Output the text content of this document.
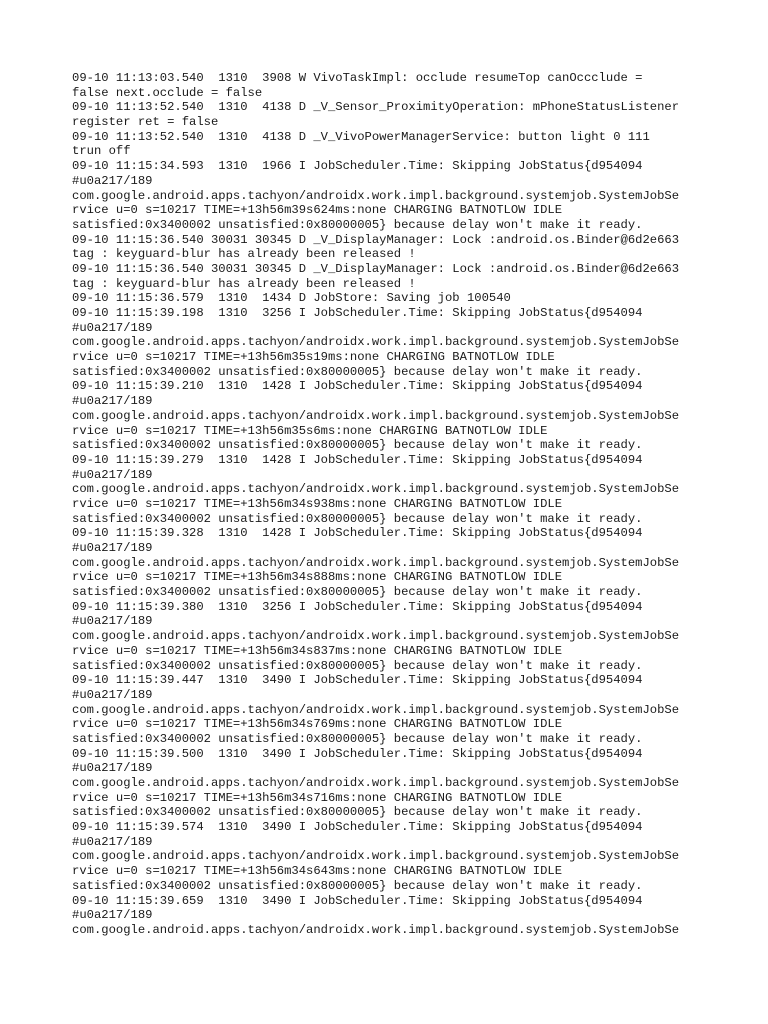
09-10 11:13:03.540  1310  3908 W VivoTaskImpl: occlude resumeTop canOccclude =
false next.occlude = false
09-10 11:13:52.540  1310  4138 D _V_Sensor_ProximityOperation: mPhoneStatusListener
register ret = false
09-10 11:13:52.540  1310  4138 D _V_VivoPowerManagerService: button light 0 111
trun off
09-10 11:15:34.593  1310  1966 I JobScheduler.Time: Skipping JobStatus{d954094
#u0a217/189
com.google.android.apps.tachyon/androidx.work.impl.background.systemjob.SystemJobSe
rvice u=0 s=10217 TIME=+13h56m39s624ms:none CHARGING BATNOTLOW IDLE
satisfied:0x3400002 unsatisfied:0x80000005} because delay won't make it ready.
09-10 11:15:36.540 30031 30345 D _V_DisplayManager: Lock :android.os.Binder@6d2e663
tag : keyguard-blur has already been released !
09-10 11:15:36.540 30031 30345 D _V_DisplayManager: Lock :android.os.Binder@6d2e663
tag : keyguard-blur has already been released !
09-10 11:15:36.579  1310  1434 D JobStore: Saving job 100540
09-10 11:15:39.198  1310  3256 I JobScheduler.Time: Skipping JobStatus{d954094
#u0a217/189
com.google.android.apps.tachyon/androidx.work.impl.background.systemjob.SystemJobSe
rvice u=0 s=10217 TIME=+13h56m35s19ms:none CHARGING BATNOTLOW IDLE
satisfied:0x3400002 unsatisfied:0x80000005} because delay won't make it ready.
09-10 11:15:39.210  1310  1428 I JobScheduler.Time: Skipping JobStatus{d954094
#u0a217/189
com.google.android.apps.tachyon/androidx.work.impl.background.systemjob.SystemJobSe
rvice u=0 s=10217 TIME=+13h56m35s6ms:none CHARGING BATNOTLOW IDLE
satisfied:0x3400002 unsatisfied:0x80000005} because delay won't make it ready.
09-10 11:15:39.279  1310  1428 I JobScheduler.Time: Skipping JobStatus{d954094
#u0a217/189
com.google.android.apps.tachyon/androidx.work.impl.background.systemjob.SystemJobSe
rvice u=0 s=10217 TIME=+13h56m34s938ms:none CHARGING BATNOTLOW IDLE
satisfied:0x3400002 unsatisfied:0x80000005} because delay won't make it ready.
09-10 11:15:39.328  1310  1428 I JobScheduler.Time: Skipping JobStatus{d954094
#u0a217/189
com.google.android.apps.tachyon/androidx.work.impl.background.systemjob.SystemJobSe
rvice u=0 s=10217 TIME=+13h56m34s888ms:none CHARGING BATNOTLOW IDLE
satisfied:0x3400002 unsatisfied:0x80000005} because delay won't make it ready.
09-10 11:15:39.380  1310  3256 I JobScheduler.Time: Skipping JobStatus{d954094
#u0a217/189
com.google.android.apps.tachyon/androidx.work.impl.background.systemjob.SystemJobSe
rvice u=0 s=10217 TIME=+13h56m34s837ms:none CHARGING BATNOTLOW IDLE
satisfied:0x3400002 unsatisfied:0x80000005} because delay won't make it ready.
09-10 11:15:39.447  1310  3490 I JobScheduler.Time: Skipping JobStatus{d954094
#u0a217/189
com.google.android.apps.tachyon/androidx.work.impl.background.systemjob.SystemJobSe
rvice u=0 s=10217 TIME=+13h56m34s769ms:none CHARGING BATNOTLOW IDLE
satisfied:0x3400002 unsatisfied:0x80000005} because delay won't make it ready.
09-10 11:15:39.500  1310  3490 I JobScheduler.Time: Skipping JobStatus{d954094
#u0a217/189
com.google.android.apps.tachyon/androidx.work.impl.background.systemjob.SystemJobSe
rvice u=0 s=10217 TIME=+13h56m34s716ms:none CHARGING BATNOTLOW IDLE
satisfied:0x3400002 unsatisfied:0x80000005} because delay won't make it ready.
09-10 11:15:39.574  1310  3490 I JobScheduler.Time: Skipping JobStatus{d954094
#u0a217/189
com.google.android.apps.tachyon/androidx.work.impl.background.systemjob.SystemJobSe
rvice u=0 s=10217 TIME=+13h56m34s643ms:none CHARGING BATNOTLOW IDLE
satisfied:0x3400002 unsatisfied:0x80000005} because delay won't make it ready.
09-10 11:15:39.659  1310  3490 I JobScheduler.Time: Skipping JobStatus{d954094
#u0a217/189
com.google.android.apps.tachyon/androidx.work.impl.background.systemjob.SystemJobSe
